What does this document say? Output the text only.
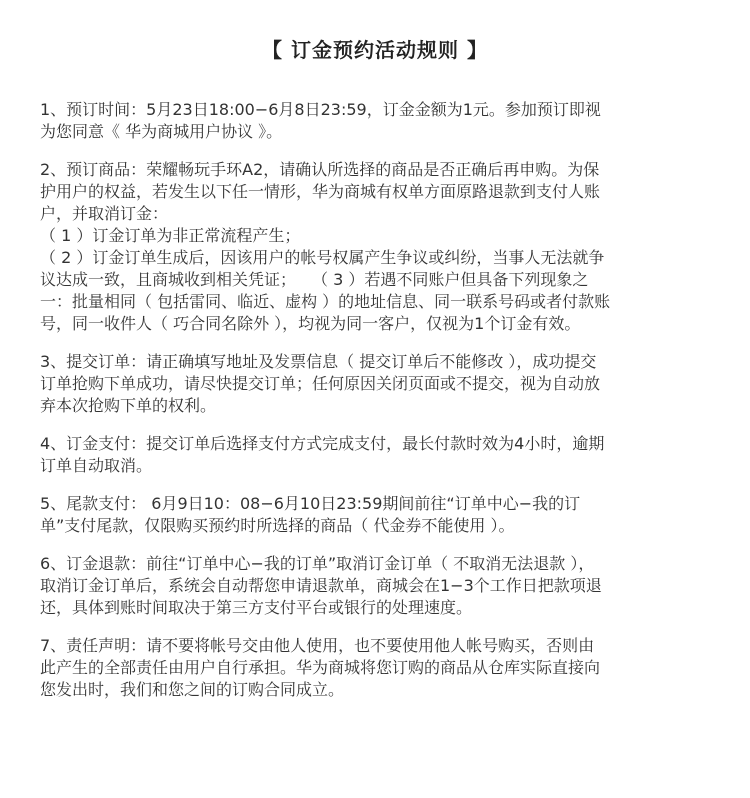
【 订金预约活动规则 】
1、预订时间：5月23日18:00−6月8日23:59，订金金额为1元。参加预订即视
为您同意《 华为商城用户协议 》。
2、预订商品：荣耀畅玩手环A2，请确认所选择的商品是否正确后再申购。为保
护用户的权益，若发生以下任一情形，华为商城有权单方面原路退款到支付人账
户，并取消订金：
（ 1 ）订金订单为非正常流程产生；
（ 2 ）订金订单生成后，因该用户的帐号权属产生争议或纠纷，当事人无法就争
议达成一致，且商城收到相关凭证；　　（ 3 ）若遇不同账户但具备下列现象之
一：批量相同（ 包括雷同、临近、虚构 ）的地址信息、同一联系号码或者付款账
号，同一收件人（ 巧合同名除外 ），均视为同一客户，仅视为1个订金有效。
3、提交订单：请正确填写地址及发票信息（ 提交订单后不能修改 ），成功提交
订单抢购下单成功，请尽快提交订单；任何原因关闭页面或不提交，视为自动放
弃本次抢购下单的权利。
4、订金支付：提交订单后选择支付方式完成支付，最长付款时效为4小时，逾期
订单自动取消。
5、尾款支付： 6月9日10：08−6月10日23:59期间前往“订单中心−我的订
单”支付尾款，仅限购买预约时所选择的商品（ 代金券不能使用 ）。
6、订金退款：前往“订单中心−我的订单”取消订金订单（ 不取消无法退款 ），
取消订金订单后，系统会自动帮您申请退款单，商城会在1−3个工作日把款项退
还，具体到账时间取决于第三方支付平台或银行的处理速度。
7、责任声明：请不要将帐号交由他人使用，也不要使用他人帐号购买，否则由
此产生的全部责任由用户自行承担。华为商城将您订购的商品从仓库实际直接向
您发出时，我们和您之间的订购合同成立。
